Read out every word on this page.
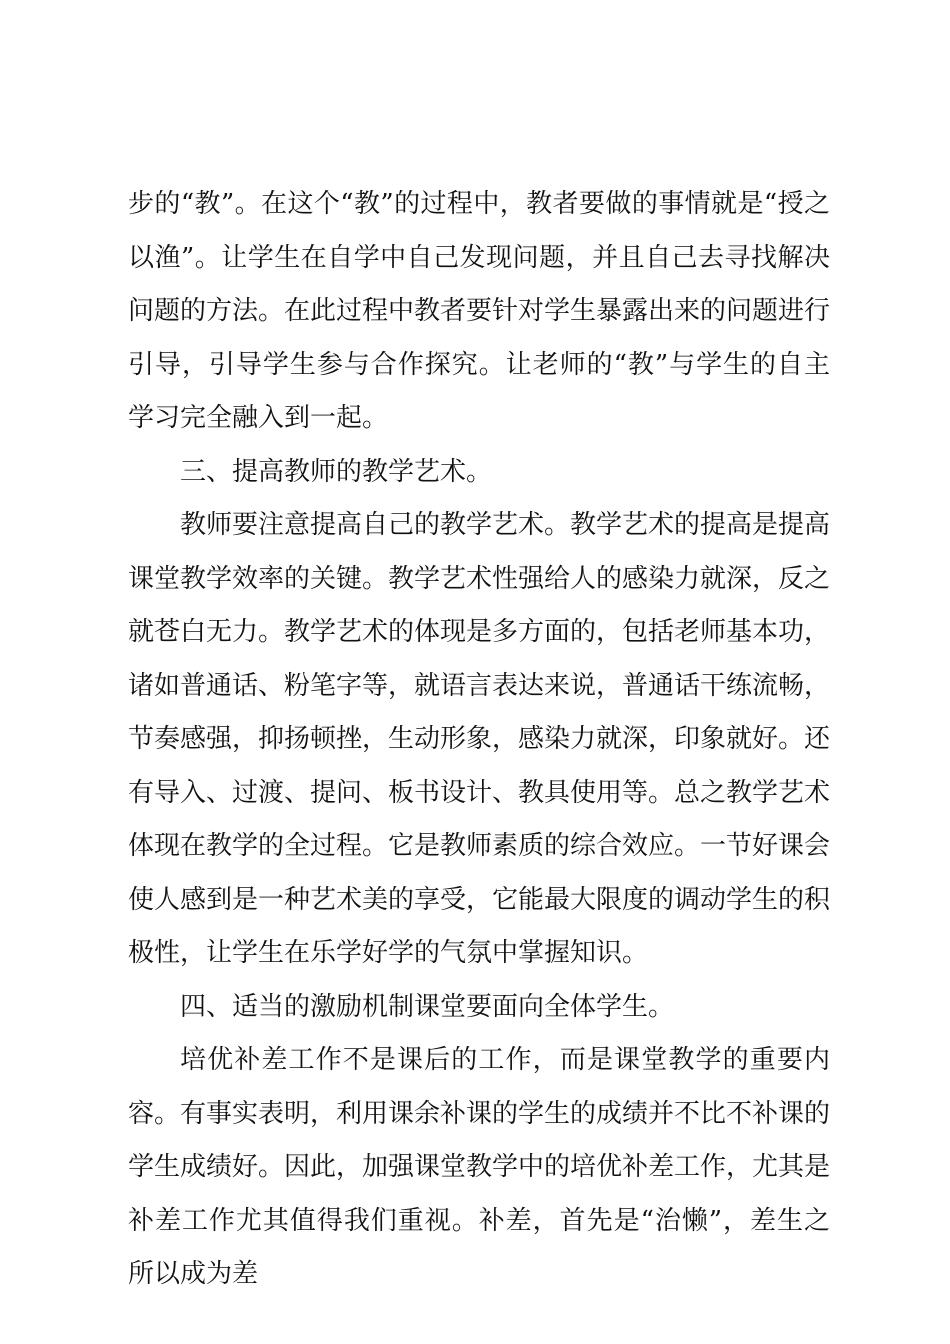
步的“教”。在这个“教”的过程中，教者要做的事情就是“授之以渔”。让学生在自学中自己发现问题，并且自己去寻找解决问题的方法。在此过程中教者要针对学生暴露出来的问题进行引导，引导学生参与合作探究。让老师的“教”与学生的自主学习完全融入到一起。

三、提高教师的教学艺术。

教师要注意提高自己的教学艺术。教学艺术的提高是提高课堂教学效率的关键。教学艺术性强给人的感染力就深，反之就苍白无力。教学艺术的体现是多方面的，包括老师基本功，诸如普通话、粉笔字等，就语言表达来说，普通话干练流畅，节奏感强，抑扬顿挫，生动形象，感染力就深，印象就好。还有导入、过渡、提问、板书设计、教具使用等。总之教学艺术体现在教学的全过程。它是教师素质的综合效应。一节好课会使人感到是一种艺术美的享受，它能最大限度的调动学生的积极性，让学生在乐学好学的气氛中掌握知识。

四、适当的激励机制课堂要面向全体学生。

培优补差工作不是课后的工作，而是课堂教学的重要内容。有事实表明，利用课余补课的学生的成绩并不比不补课的学生成绩好。因此，加强课堂教学中的培优补差工作，尤其是补差工作尤其值得我们重视。补差，首先是“治懒”，差生之所以成为差
